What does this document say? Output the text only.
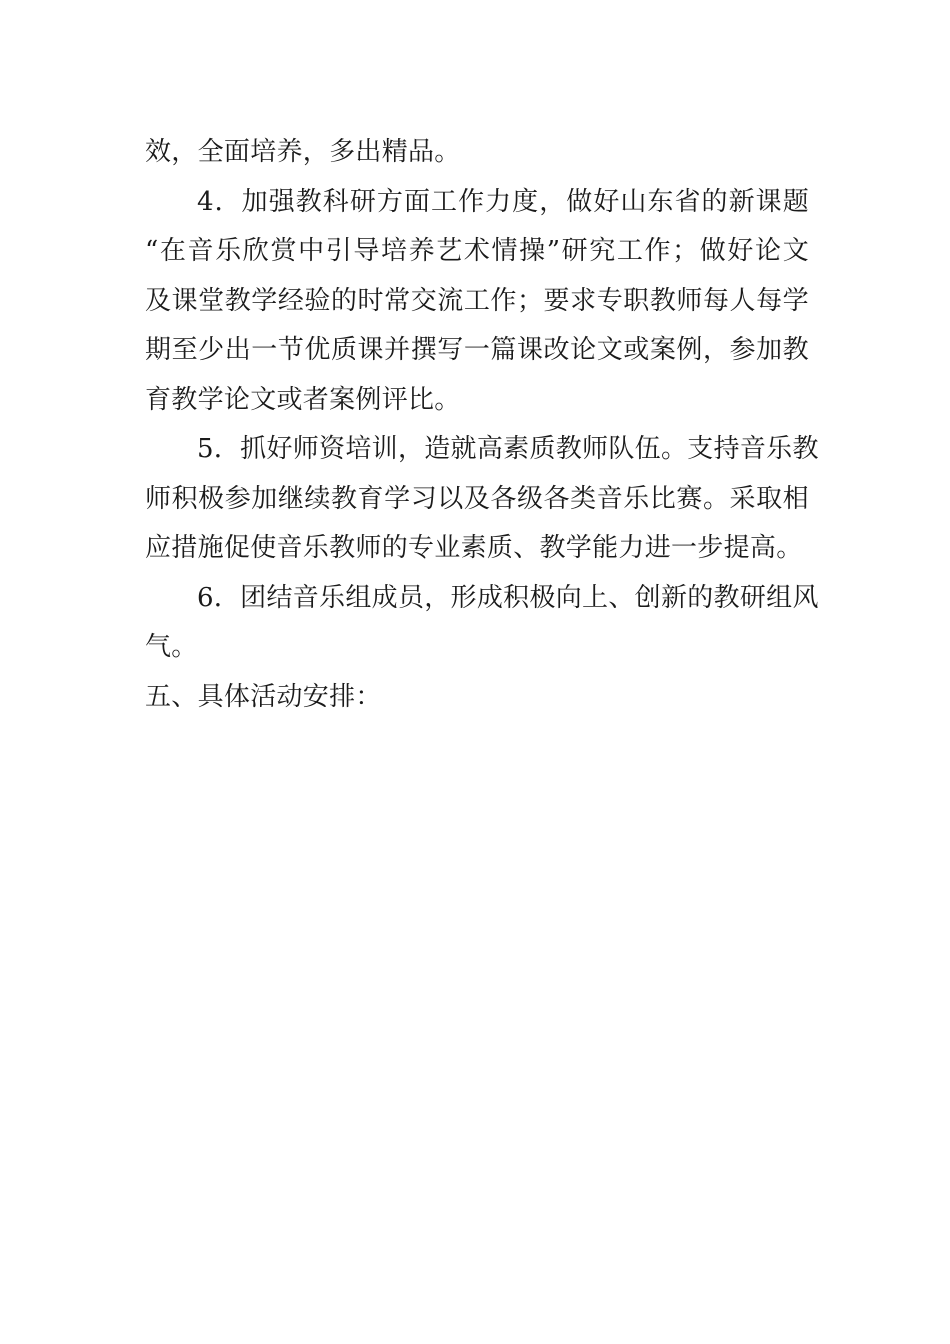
效，全面培养，多出精品。
4．加强教科研方面工作力度，做好山东省的新课题
“在音乐欣赏中引导培养艺术情操”研究工作；做好论文
及课堂教学经验的时常交流工作；要求专职教师每人每学
期至少出一节优质课并撰写一篇课改论文或案例，参加教
育教学论文或者案例评比。
5．抓好师资培训，造就高素质教师队伍。支持音乐教
师积极参加继续教育学习以及各级各类音乐比赛。采取相
应措施促使音乐教师的专业素质、教学能力进一步提高。
6．团结音乐组成员，形成积极向上、创新的教研组风
气。
五、具体活动安排：
